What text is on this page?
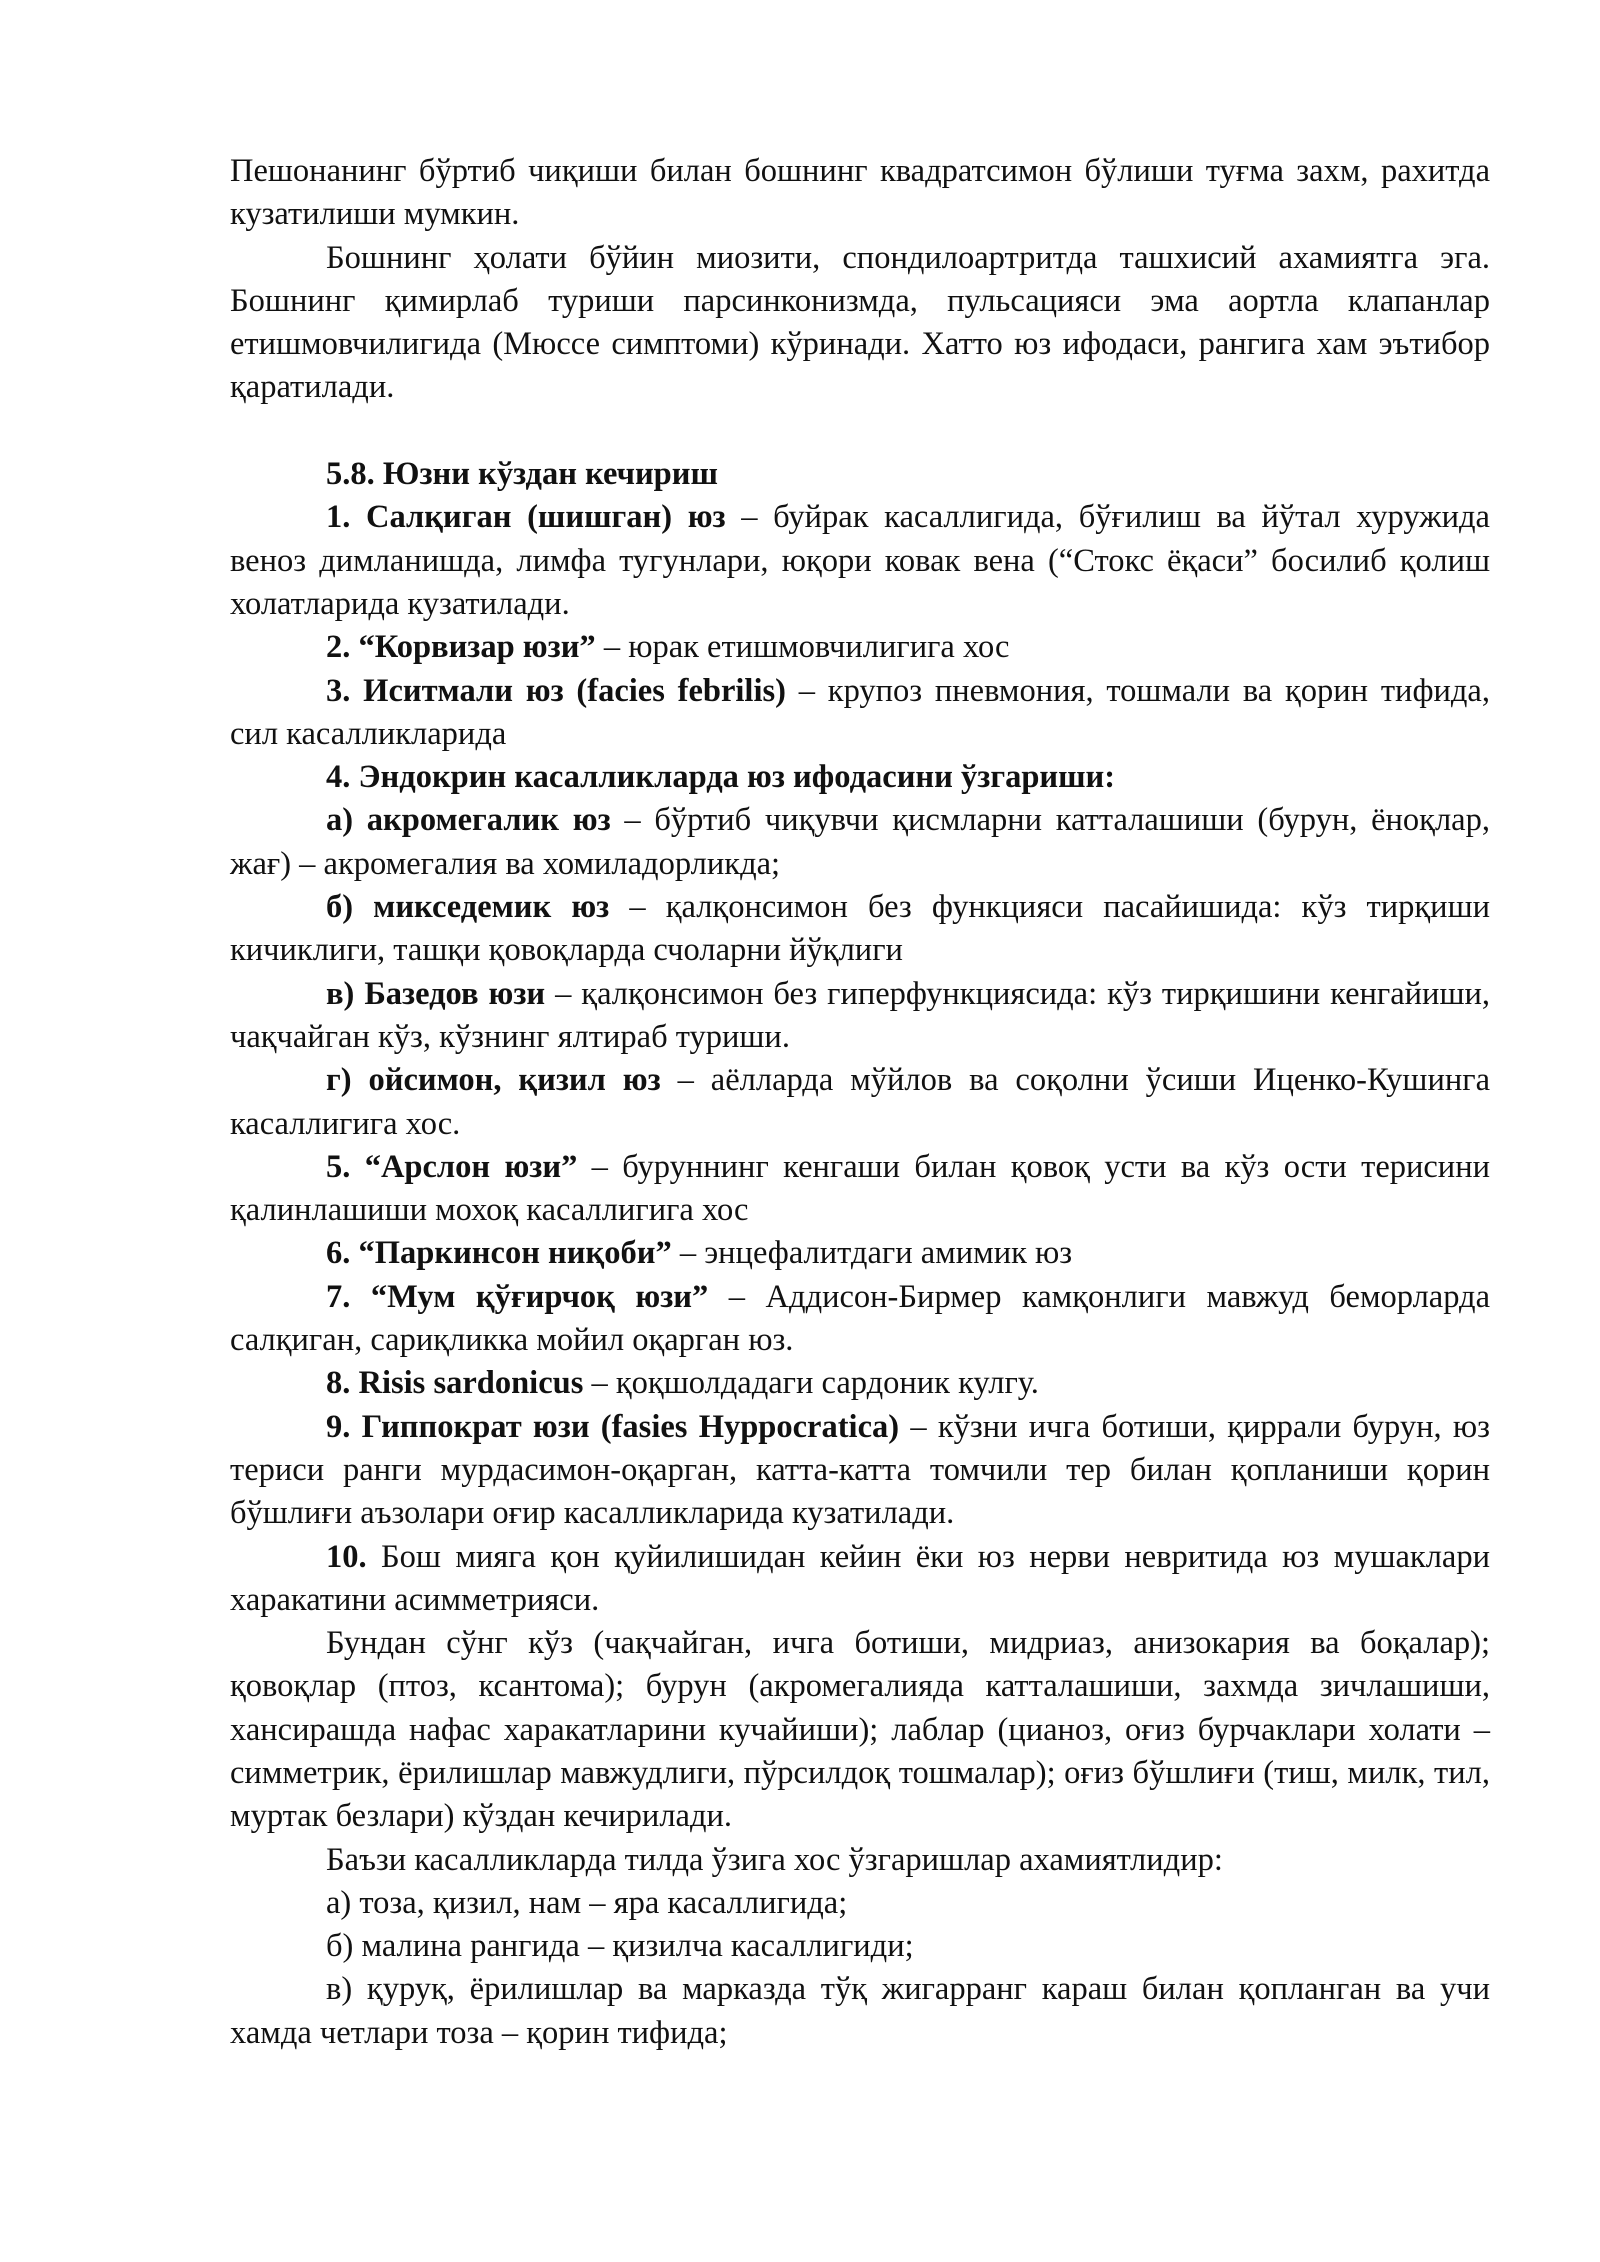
Пешонанинг бўртиб чиқиши билан бошнинг квадратсимон бўлиши туғма захм, рахитда кузатилиши мумкин.

Бошнинг ҳолати бўйин миозити, спондилоартритда ташхисий ахамиятга эга. Бошнинг қимирлаб туриши парсинконизмда, пульсацияси эма аортла клапанлар етишмовчилигида (Мюссе симптоми) кўринади. Хатто юз ифодаси, рангига хам эътибор қаратилади.

5.8. Юзни кўздан кечириш

1. Салқиган (шишган) юз – буйрак касаллигида, бўғилиш ва йўтал хуружида веноз димланишда, лимфа тугунлари, юқори ковак вена (“Стокс ёқаси” босилиб қолиш холатларида кузатилади.

2. “Корвизар юзи” – юрак етишмовчилигига хос

3. Иситмали юз (facies febrilis) – крупоз пневмония, тошмали ва қорин тифида, сил касалликларида

4. Эндокрин касалликларда юз ифодасини ўзгариши:

а) акромегалик юз – бўртиб чиқувчи қисмларни катталашиши (бурун, ёноқлар, жағ) – акромегалия ва хомиладорликда;

б) микседемик юз – қалқонсимон без функцияси пасайишида: кўз тирқиши кичиклиги, ташқи қовоқларда счоларни йўқлиги

в) Базедов юзи – қалқонсимон без гиперфункциясида: кўз тирқишини кенгайиши, чақчайган кўз, кўзнинг ялтираб туриши.

г) ойсимон, қизил юз – аёлларда мўйлов ва соқолни ўсиши Иценко-Кушинга касаллигига хос.

5. “Арслон юзи” – буруннинг кенгаши билан қовоқ усти ва кўз ости терисини қалинлашиши мохоқ касаллигига хос

6. “Паркинсон ниқоби” – энцефалитдаги амимик юз

7. “Мум қўғирчоқ юзи” – Аддисон-Бирмер камқонлиги мавжуд беморларда салқиган, сариқликка мойил оқарган юз.

8. Risis sardonicus – қоқшолдадаги сардоник кулгу.

9. Гиппократ юзи (fasies Hyppocratica) – кўзни ичга ботиши, қиррали бурун, юз териси ранги мурдасимон-оқарган, катта-катта томчили тер билан қопланиши қорин бўшлиғи аъзолари оғир касалликларида кузатилади.

10. Бош мияга қон қуйилишидан кейин ёки юз нерви невритида юз мушаклари харакатини асимметрияси.

Бундан сўнг кўз (чақчайган, ичга ботиши, мидриаз, анизокария ва боқалар); қовоқлар (птоз, ксантома); бурун (акромегалияда катталашиши, захмда зичлашиши, хансирашда нафас харакатларини кучайиши); лаблар (цианоз, оғиз бурчаклари холати – симметрик, ёрилишлар мавжудлиги, пўрсилдоқ тошмалар); оғиз бўшлиғи (тиш, милк, тил, муртак безлари) кўздан кечирилади.

Баъзи касалликларда тилда ўзига хос ўзгаришлар ахамиятлидир:

а) тоза, қизил, нам – яра касаллигида;

б) малина рангида – қизилча касаллигиди;

в) қуруқ, ёрилишлар ва марказда тўқ жигарранг караш билан қопланган ва учи хамда четлари тоза – қорин тифида;
